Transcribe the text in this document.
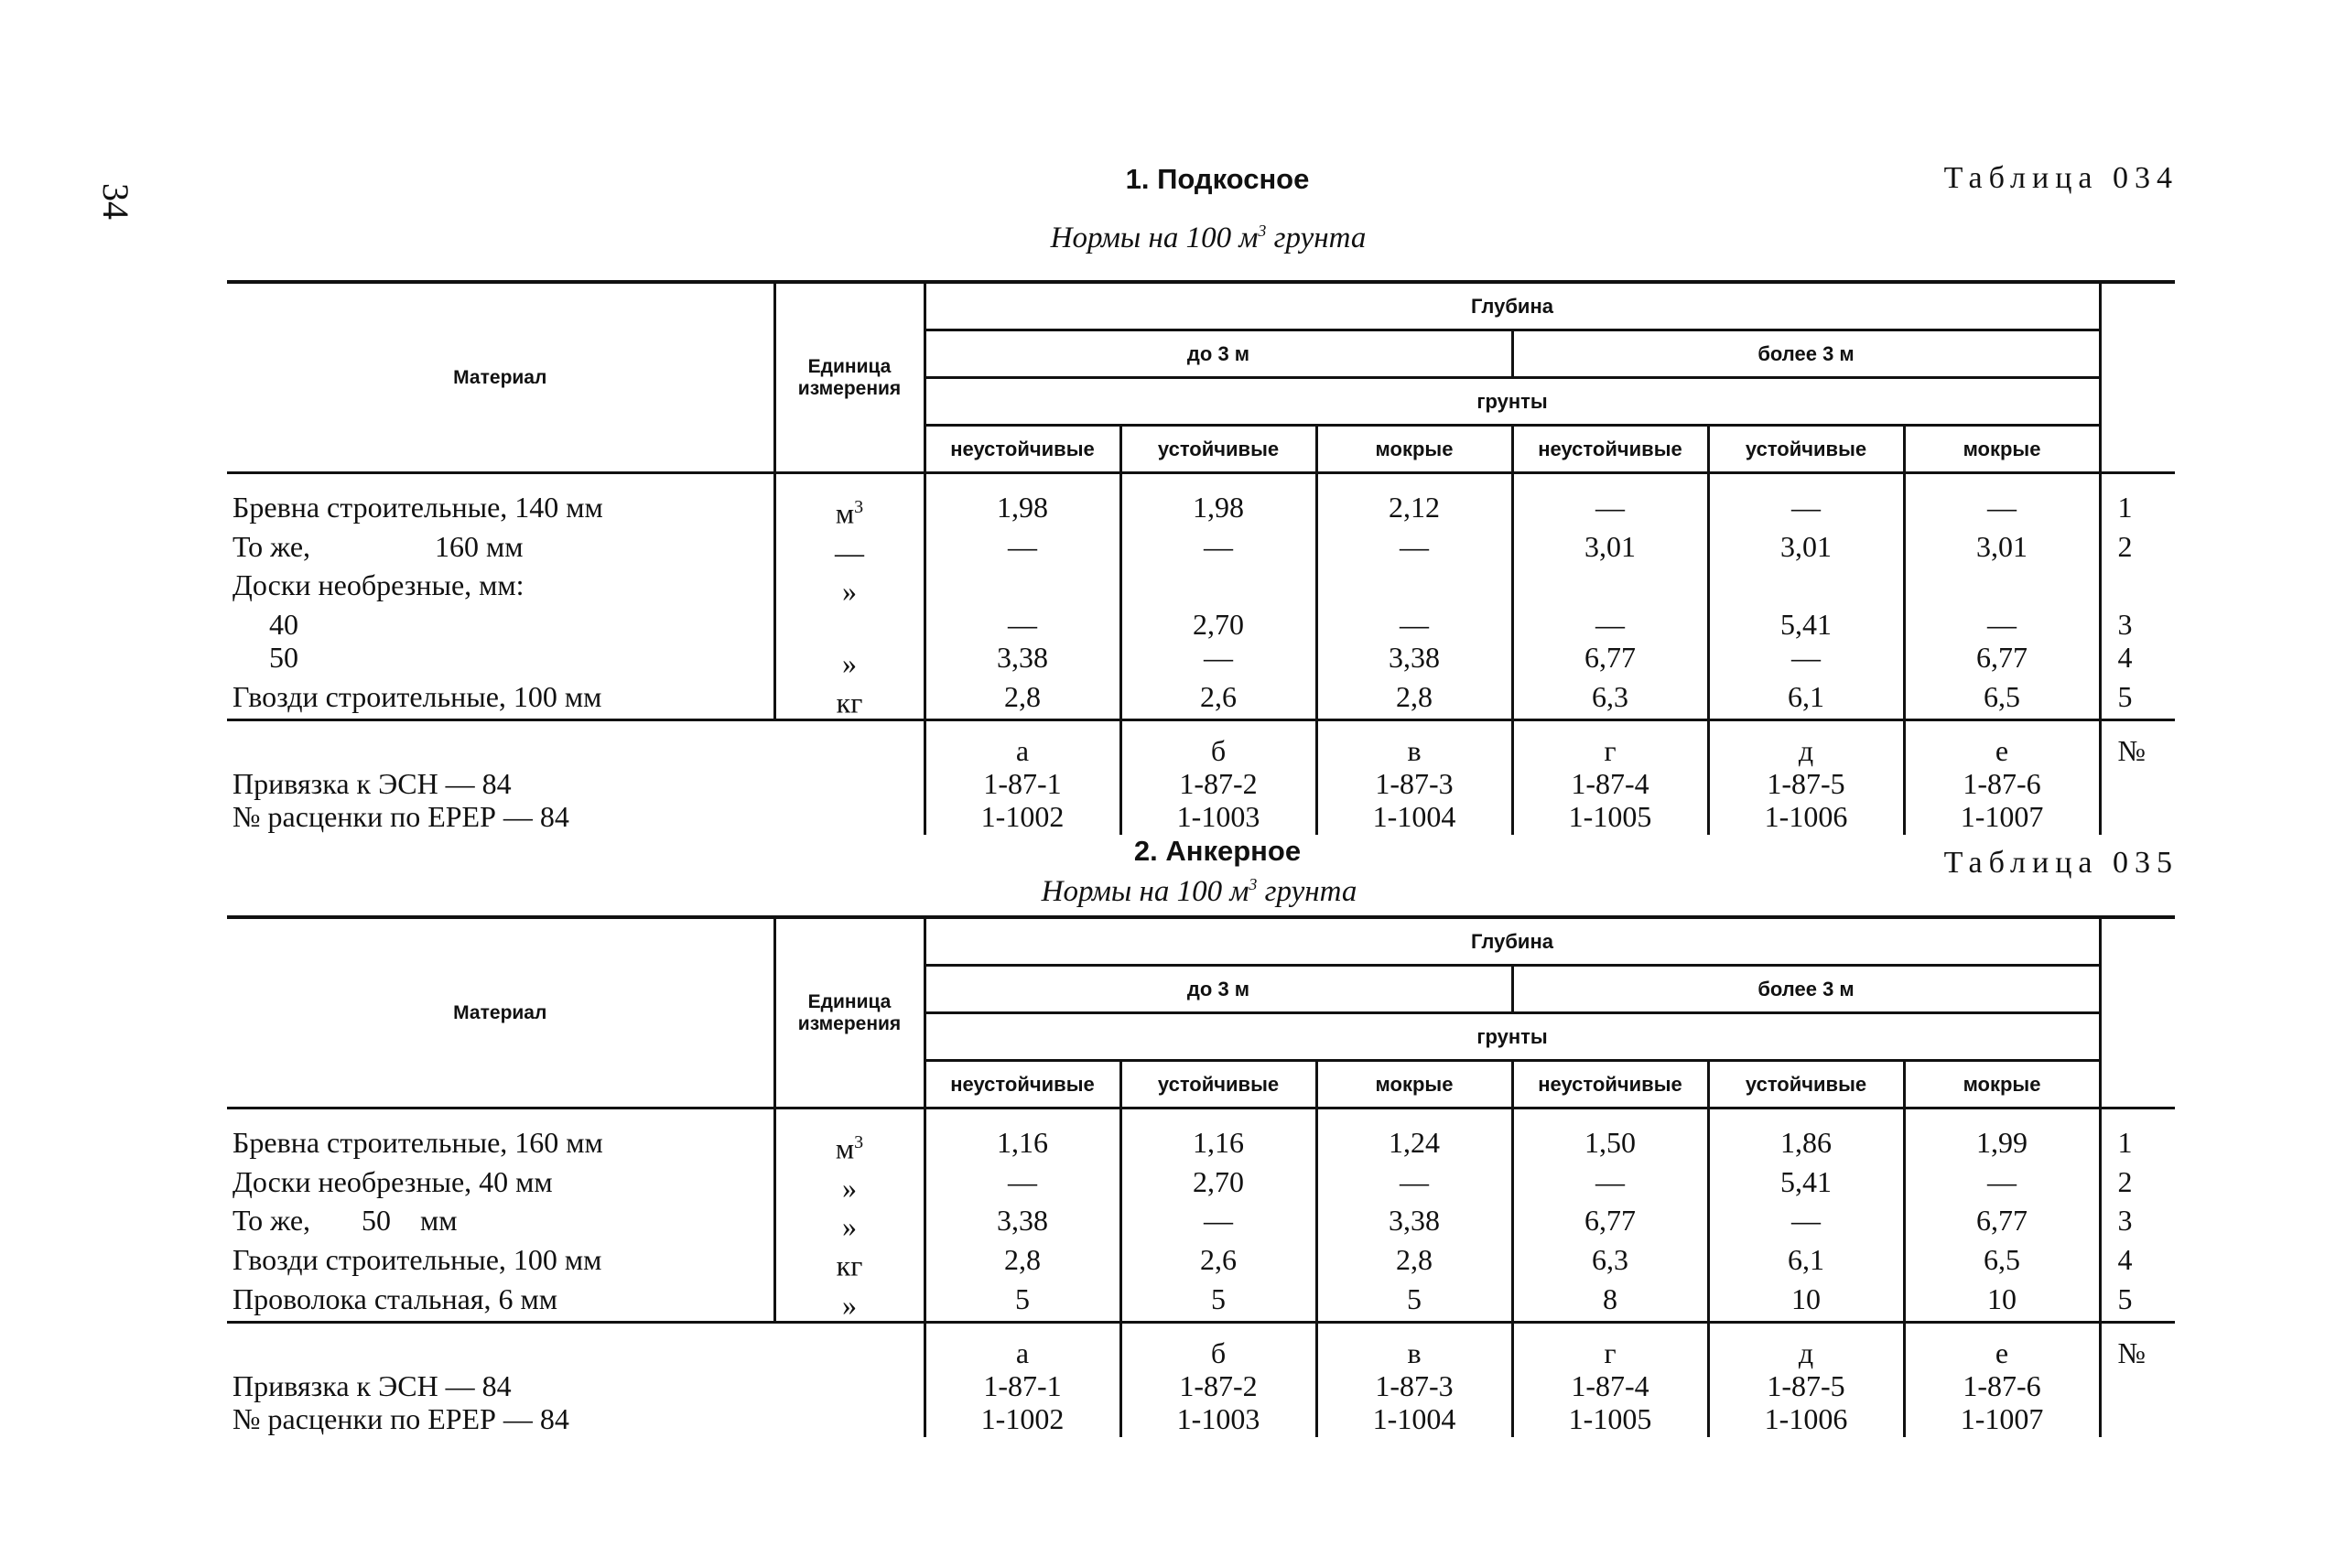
34
1. Подкосное	Таблица 034
Нормы на 100 $м^3$ грунта
Материал	Единица измерения	Глубина						
		до 3 м			более 3 м			
		грунты						
		неустойчивые	устойчивые	мокрые	неустойчивые	устойчивые	мокрые	
Бревна строительные, 140 мм	$м^3$	1,98	1,98	2,12	—	—	—	1
То же,                 160 мм	—	—	—	—	3,01	3,01	3,01	2
Доски необрезные, мм:	»							
40		—	2,70	—	—	5,41	—	3
50	»	3,38	—	3,38	6,77	—	6,77	4
Гвозди строительные, 100 мм	кг	2,8	2,6	2,8	6,3	6,1	6,5	5
		а	б	в	г	д	е	№
Привязка к ЭСН — 84		1-87-1	1-87-2	1-87-3	1-87-4	1-87-5	1-87-6	
№ расценки по ЕРЕР — 84		1-1002	1-1003	1-1004	1-1005	1-1006	1-1007	
2. Анкерное	Таблица 035
Нормы на 100 $м^3$ грунта
Материал	Единица измерения	Глубина						
		до 3 м			более 3 м			
		грунты						
		неустойчивые	устойчивые	мокрые	неустойчивые	устойчивые	мокрые	
Бревна строительные, 160 мм	$м^3$	1,16	1,16	1,24	1,50	1,86	1,99	1
Доски необрезные, 40 мм	»	—	2,70	—	—	5,41	—	2
То же,       50    мм	»	3,38	—	3,38	6,77	—	6,77	3
Гвозди строительные, 100 мм	кг	2,8	2,6	2,8	6,3	6,1	6,5	4
Проволока стальная, 6 мм	»	5	5	5	8	10	10	5
		а	б	в	г	д	е	№
Привязка к ЭСН — 84		1-87-1	1-87-2	1-87-3	1-87-4	1-87-5	1-87-6	
№ расценки по ЕРЕР — 84		1-1002	1-1003	1-1004	1-1005	1-1006	1-1007	
